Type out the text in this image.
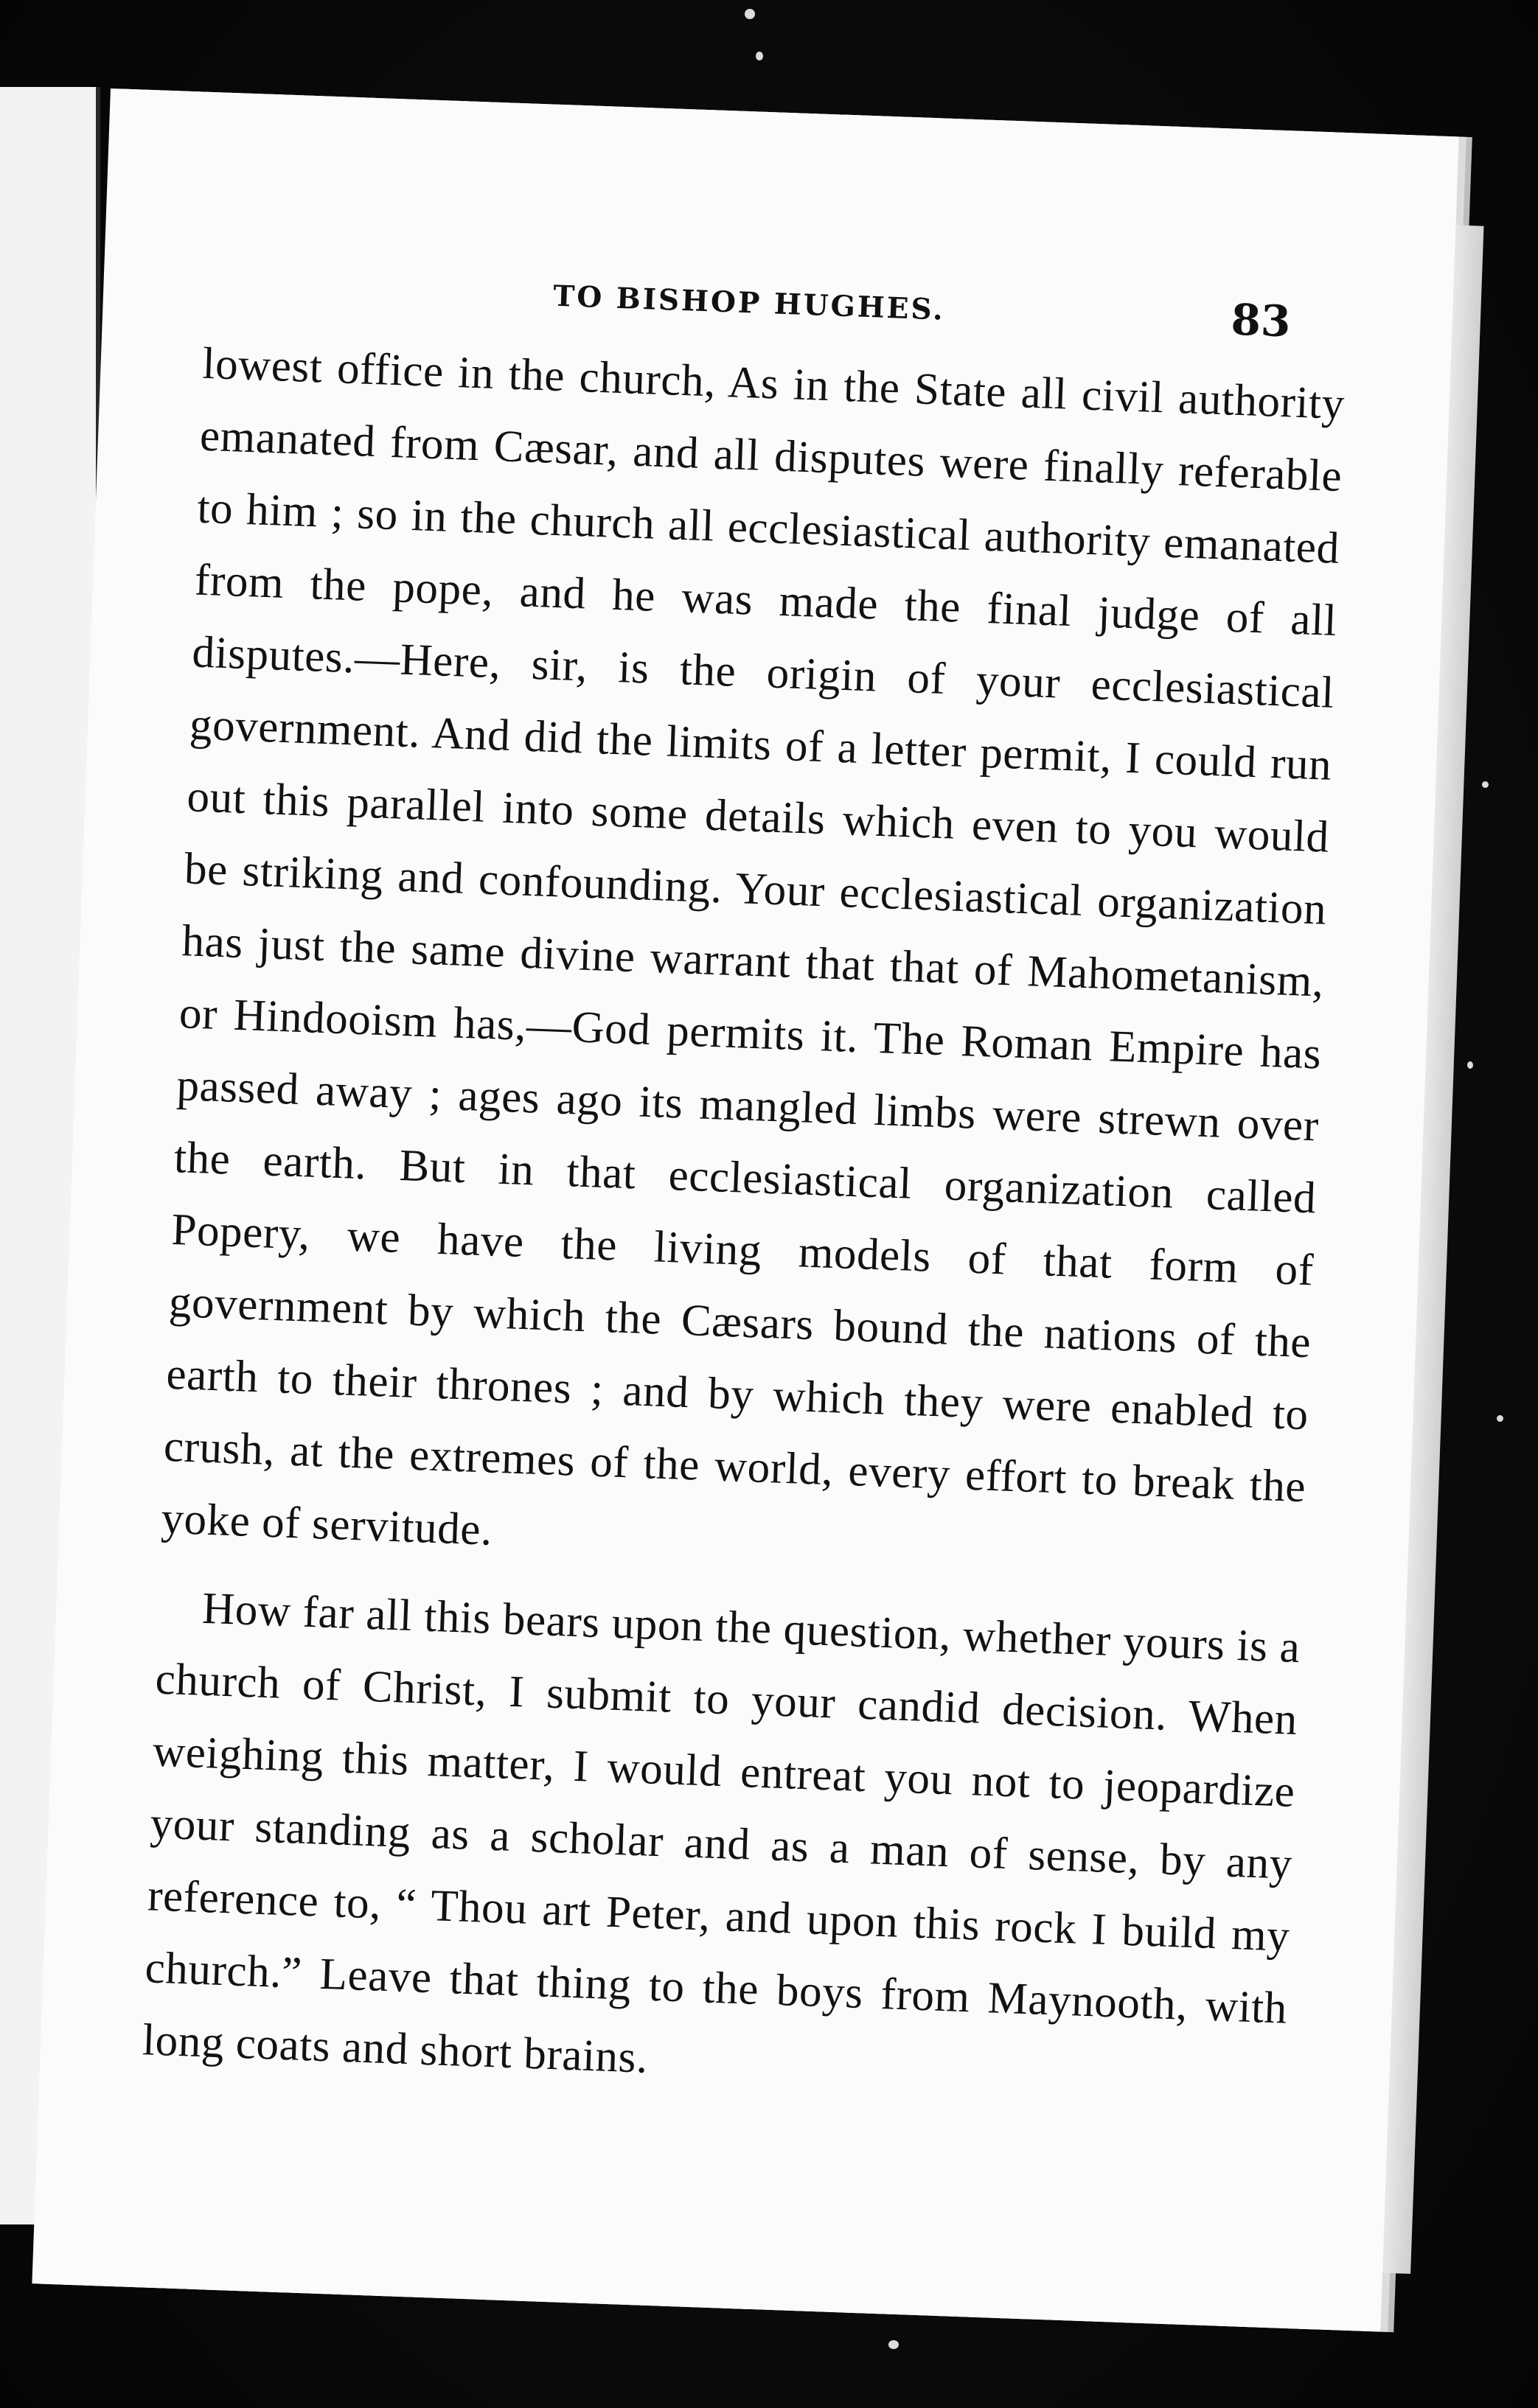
TO BISHOP HUGHES.	83

lowest office in the church, As in the State all civil authority emanated from Cæsar, and all disputes were finally referable to him ; so in the church all ecclesiastical authority emanated from the pope, and he was made the final judge of all disputes.—Here, sir, is the origin of your ecclesiastical government. And did the limits of a letter permit, I could run out this parallel into some details which even to you would be striking and confounding. Your ecclesiastical organization has just the same divine warrant that that of Mahometanism, or Hindooism has,—God permits it. The Roman Empire has passed away ; ages ago its mangled limbs were strewn over the earth. But in that ecclesiastical organization called Popery, we have the living models of that form of government by which the Cæsars bound the nations of the earth to their thrones ; and by which they were enabled to crush, at the extremes of the world, every effort to break the yoke of servitude.

How far all this bears upon the question, whether yours is a church of Christ, I submit to your candid decision. When weighing this matter, I would entreat you not to jeopardize your standing as a scholar and as a man of sense, by any reference to, “ Thou art Peter, and upon this rock I build my church.” Leave that thing to the boys from Maynooth, with long coats and short brains.
